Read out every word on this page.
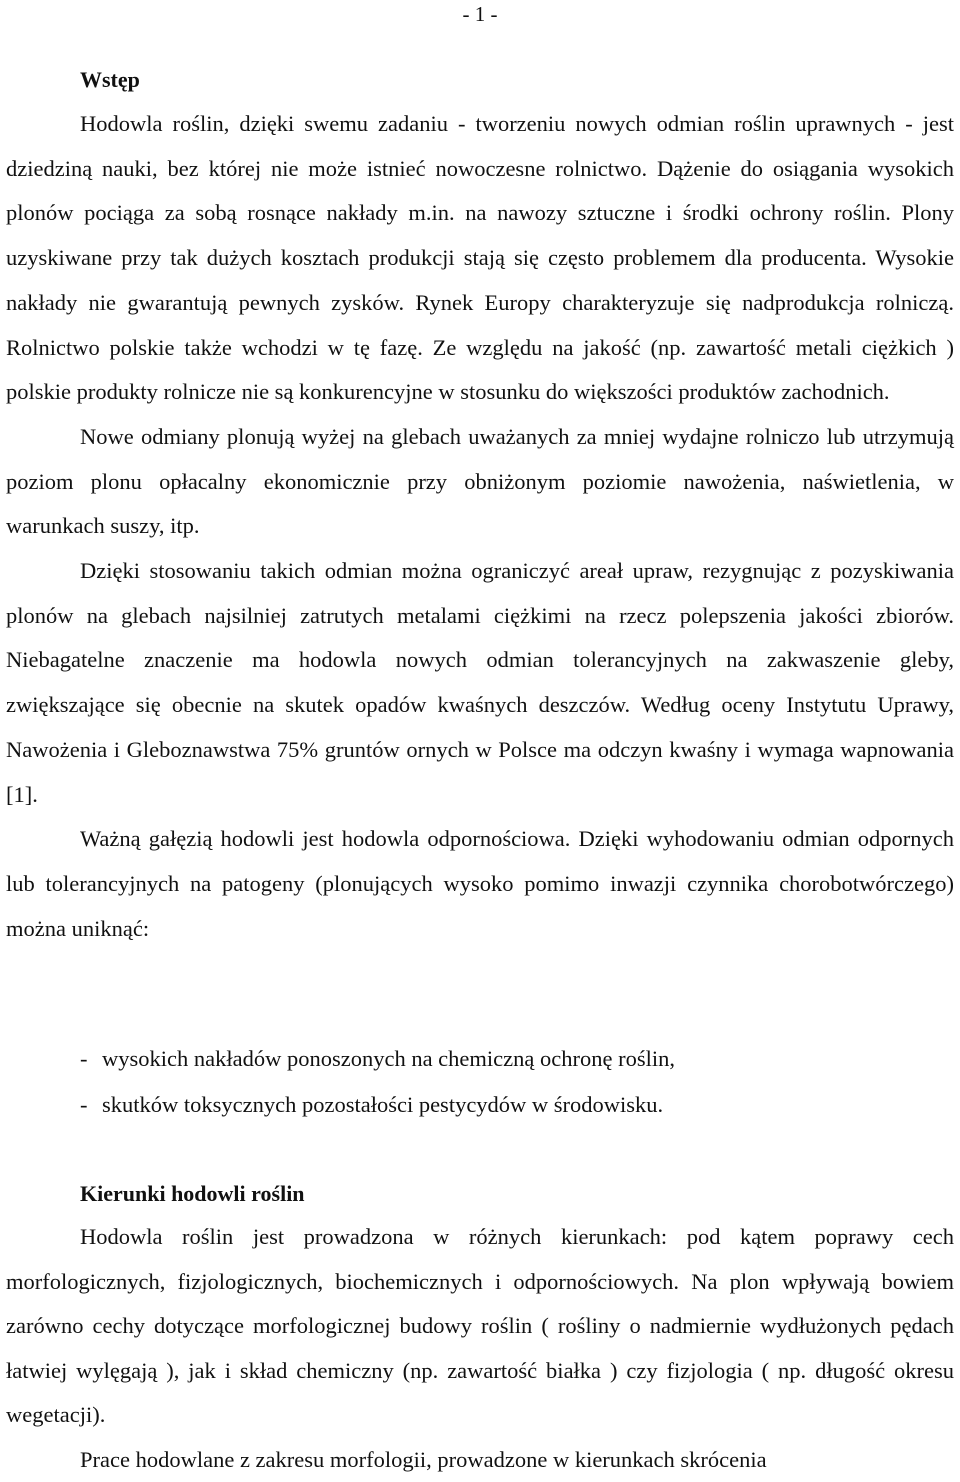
- 1 -
Wstęp

Hodowla roślin, dzięki swemu zadaniu - tworzeniu nowych odmian roślin uprawnych - jest dziedziną nauki, bez której nie może istnieć nowoczesne rolnictwo. Dążenie do osiągania wysokich plonów pociąga za sobą rosnące nakłady m.in. na nawozy sztuczne i środki ochrony roślin. Plony uzyskiwane przy tak dużych kosztach produkcji stają się często problemem dla producenta. Wysokie nakłady nie gwarantują pewnych zysków. Rynek Europy charakteryzuje się nadprodukcja rolniczą. Rolnictwo polskie także wchodzi w tę fazę. Ze względu na jakość (np. zawartość metali ciężkich ) polskie produkty rolnicze nie są konkurencyjne w stosunku do większości produktów zachodnich.

Nowe odmiany plonują wyżej na glebach uważanych za mniej wydajne rolniczo lub utrzymują poziom plonu opłacalny ekonomicznie przy obniżonym poziomie nawożenia, naświetlenia, w warunkach suszy, itp.

Dzięki stosowaniu takich odmian można ograniczyć areał upraw, rezygnując z pozyskiwania plonów na glebach najsilniej zatrutych metalami ciężkimi na rzecz polepszenia jakości zbiorów. Niebagatelne znaczenie ma hodowla nowych odmian tolerancyjnych na zakwaszenie gleby, zwiększające się obecnie na skutek opadów kwaśnych deszczów. Według oceny Instytutu Uprawy, Nawożenia i Gleboznawstwa 75% gruntów ornych w Polsce ma odczyn kwaśny i wymaga wapnowania [1].

Ważną gałęzią hodowli jest hodowla odpornościowa. Dzięki wyhodowaniu odmian odpornych lub tolerancyjnych na patogeny (plonujących wysoko pomimo inwazji czynnika chorobotwórczego) można uniknąć:

- wysokich nakładów ponoszonych na chemiczną ochronę roślin,
- skutków toksycznych pozostałości pestycydów w środowisku.
Kierunki hodowli roślin

Hodowla roślin jest prowadzona w różnych kierunkach: pod kątem poprawy cech morfologicznych, fizjologicznych, biochemicznych i odpornościowych. Na plon wpływają bowiem zarówno cechy dotyczące morfologicznej budowy roślin ( rośliny o nadmiernie wydłużonych pędach łatwiej wylęgają ), jak i skład chemiczny (np. zawartość białka ) czy fizjologia ( np. długość okresu wegetacji).

Prace hodowlane z zakresu morfologii, prowadzone w kierunkach skrócenia
